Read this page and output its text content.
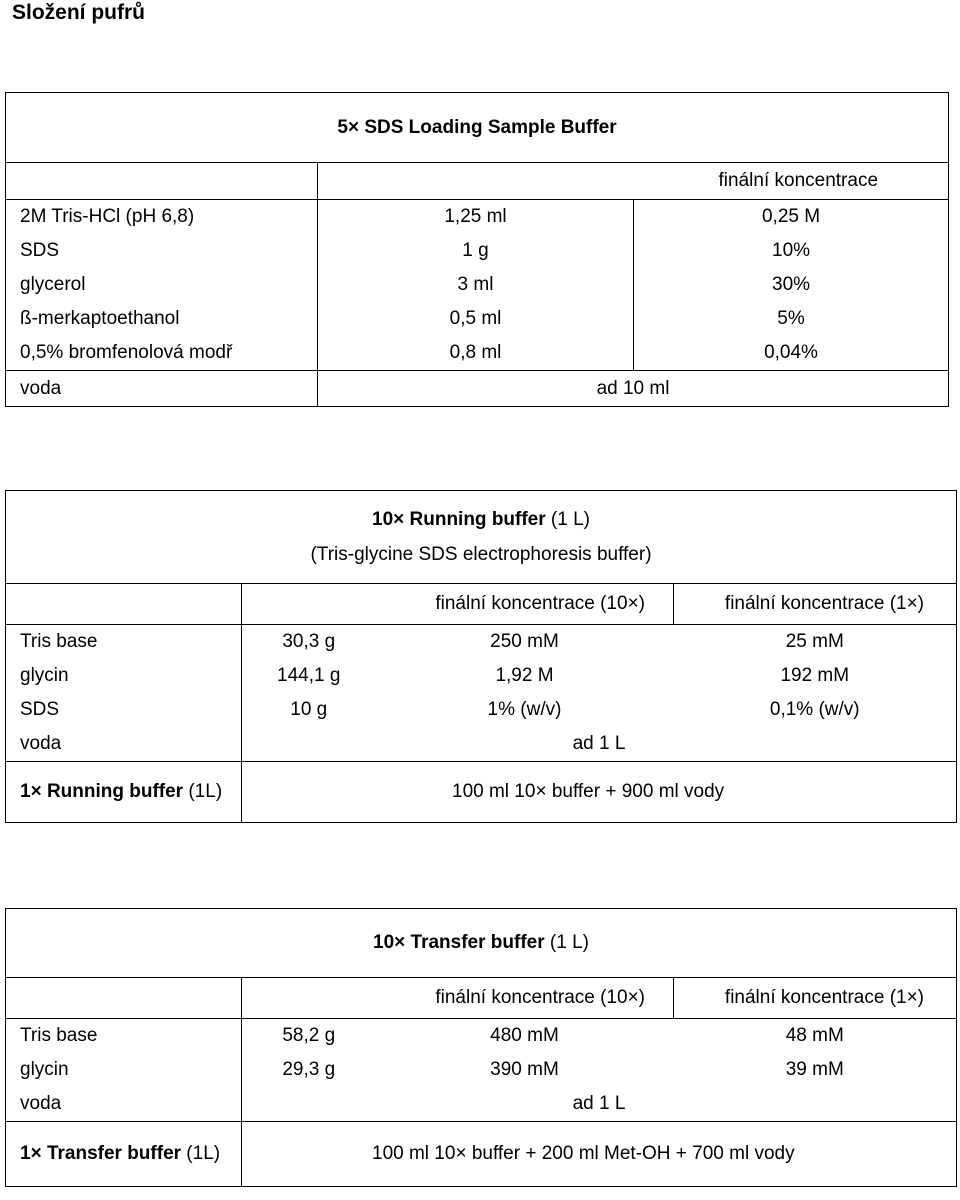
Složení pufrů
5× SDS Loading Sample Buffer		
	finální koncentrace	
2M Tris-HCl (pH 6,8)	1,25 ml	0,25 M
SDS	1 g	10%
glycerol	3 ml	30%
ß-merkaptoethanol	0,5 ml	5%
0,5% bromfenolová modř	0,8 ml	0,04%
voda	ad 10 ml	
10× Running buffer (1 L)
(Tris-glycine SDS electrophoresis buffer)			

	finální koncentrace (10×)		finální koncentrace (1×)
Tris base	30,3 g	250 mM	25 mM
glycin	144,1 g	1,92 M	192 mM
SDS	10 g	1% (w/v)	0,1% (w/v)
voda	ad 1 L		
1× Running buffer (1L)	100 ml 10× buffer + 900 ml vody		
10× Transfer buffer (1 L)			
	finální koncentrace (10×)		finální koncentrace (1×)
Tris base	58,2 g	480 mM	48 mM
glycin	29,3 g	390 mM	39 mM
voda	ad 1 L		
1× Transfer buffer (1L)	100 ml 10× buffer + 200 ml Met-OH + 700 ml vody		
